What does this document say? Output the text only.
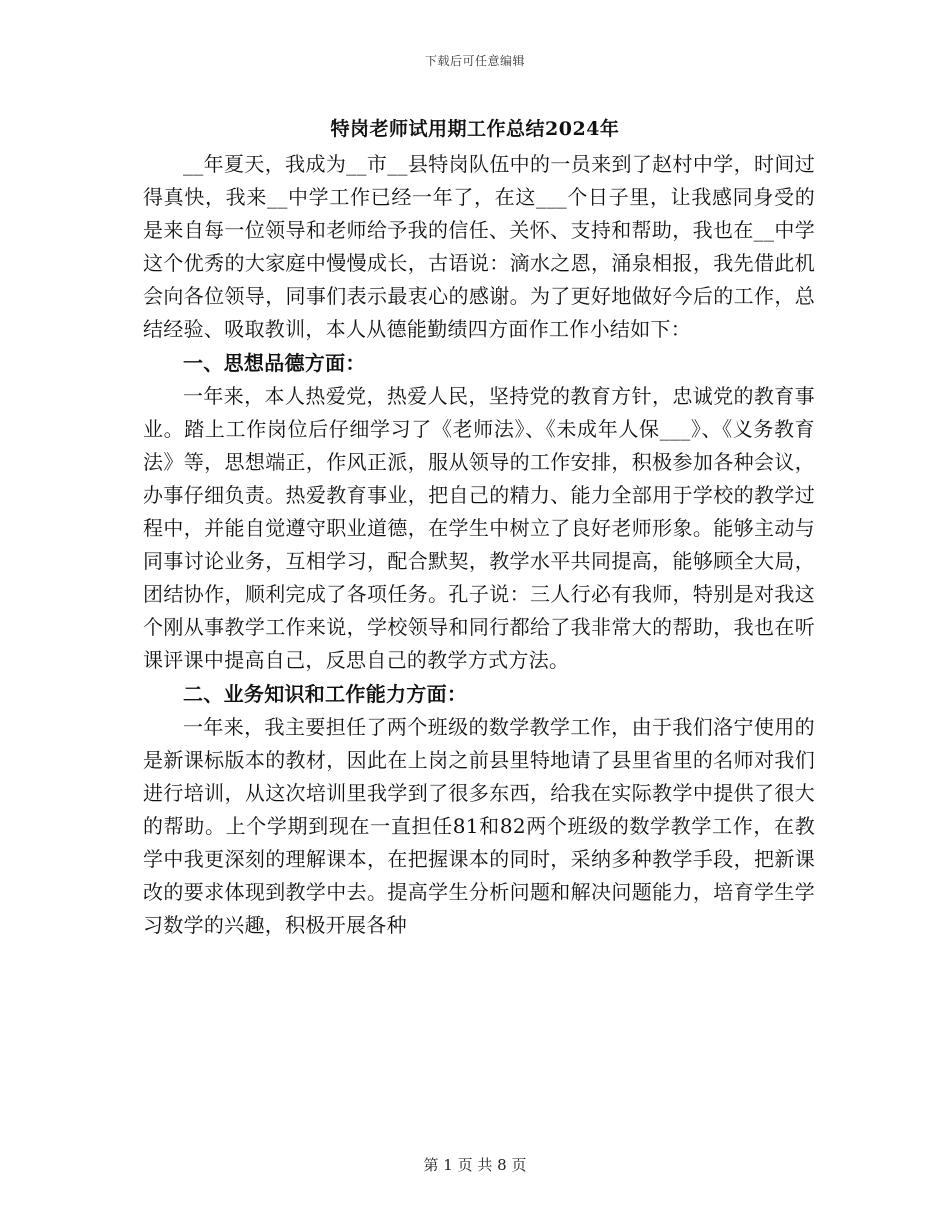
下载后可任意编辑
特岗老师试用期工作总结2024年

__年夏天，我成为__市__县特岗队伍中的一员来到了赵村中学，时间过得真快，我来__中学工作已经一年了，在这___个日子里，让我感同身受的是来自每一位领导和老师给予我的信任、关怀、支持和帮助，我也在__中学这个优秀的大家庭中慢慢成长，古语说：滴水之恩，涌泉相报，我先借此机会向各位领导，同事们表示最衷心的感谢。为了更好地做好今后的工作，总结经验、吸取教训，本人从德能勤绩四方面作工作小结如下：

一、思想品德方面：

一年来，本人热爱党，热爱人民，坚持党的教育方针，忠诚党的教育事业。踏上工作岗位后仔细学习了《老师法》、《未成年人保___》、《义务教育法》等，思想端正，作风正派，服从领导的工作安排，积极参加各种会议，办事仔细负责。热爱教育事业，把自己的精力、能力全部用于学校的教学过程中，并能自觉遵守职业道德，在学生中树立了良好老师形象。能够主动与同事讨论业务，互相学习，配合默契，教学水平共同提高，能够顾全大局，团结协作，顺利完成了各项任务。孔子说：三人行必有我师，特别是对我这个刚从事教学工作来说，学校领导和同行都给了我非常大的帮助，我也在听课评课中提高自己，反思自己的教学方式方法。

二、业务知识和工作能力方面：

一年来，我主要担任了两个班级的数学教学工作，由于我们洛宁使用的是新课标版本的教材，因此在上岗之前县里特地请了县里省里的名师对我们进行培训，从这次培训里我学到了很多东西，给我在实际教学中提供了很大的帮助。上个学期到现在一直担任81和82两个班级的数学教学工作，在教学中我更深刻的理解课本，在把握课本的同时，采纳多种教学手段，把新课改的要求体现到教学中去。提高学生分析问题和解决问题能力，培育学生学习数学的兴趣，积极开展各种

第 1 页 共 8 页
